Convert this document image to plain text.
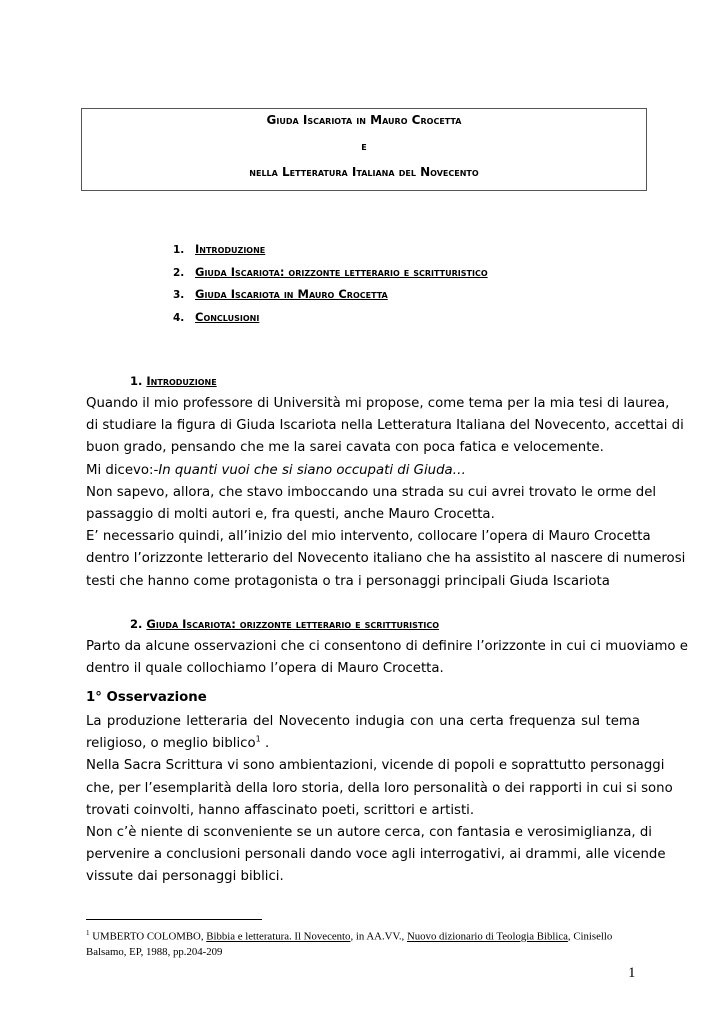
Giuda Iscariota in Mauro Crocetta
e
nella Letteratura Italiana del Novecento
1. Introduzione
2. Giuda Iscariota: orizzonte letterario e scritturistico
3. Giuda Iscariota in Mauro Crocetta
4. Conclusioni
1. Introduzione
Quando il mio professore di Università mi propose, come tema per la mia tesi di laurea,
di studiare la figura di Giuda Iscariota nella Letteratura Italiana del Novecento, accettai di
buon grado, pensando che me la sarei cavata con poca fatica e velocemente.
Mi dicevo:-In quanti vuoi che si siano occupati di Giuda…
Non sapevo, allora, che stavo imboccando una strada su cui avrei trovato le orme del
passaggio di molti autori e, fra questi, anche Mauro Crocetta.
E’ necessario quindi, all’inizio del mio intervento, collocare l’opera di Mauro Crocetta
dentro l’orizzonte letterario del Novecento italiano che ha assistito al nascere di numerosi
testi che hanno come protagonista o tra i personaggi principali Giuda Iscariota
2. Giuda Iscariota: orizzonte letterario e scritturistico
Parto da alcune osservazioni che ci consentono di definire l’orizzonte in cui ci muoviamo e
dentro il quale collochiamo l’opera di Mauro Crocetta.
1° Osservazione
La produzione letteraria del Novecento indugia con una certa frequenza sul tema
religioso, o meglio biblico$^1$ .
Nella Sacra Scrittura vi sono ambientazioni, vicende di popoli e soprattutto personaggi
che, per l’esemplarità della loro storia, della loro personalità o dei rapporti in cui si sono
trovati coinvolti, hanno affascinato poeti, scrittori e artisti.
Non c’è niente di sconveniente se un autore cerca, con fantasia e verosimiglianza, di
pervenire a conclusioni personali dando voce agli interrogativi, ai drammi, alle vicende
vissute dai personaggi biblici.
$^1$ UMBERTO COLOMBO, Bibbia e letteratura. Il Novecento, in AA.VV., Nuovo dizionario di Teologia Biblica, Cinisello Balsamo, EP, 1988, pp.204-209
1
